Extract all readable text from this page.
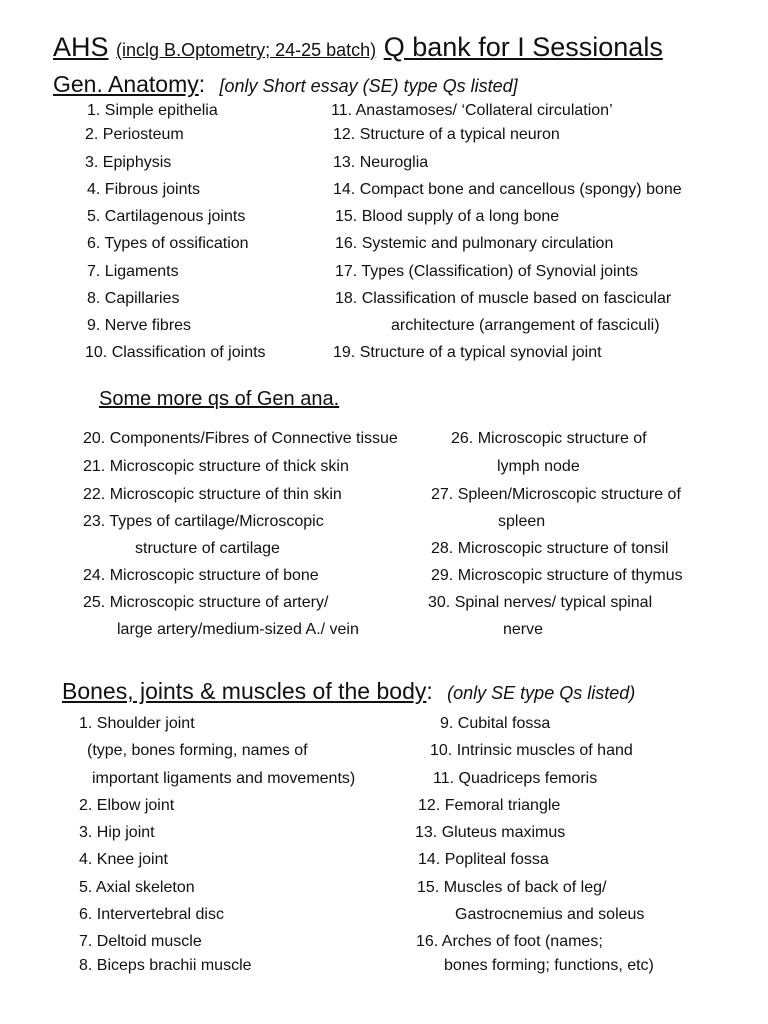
AHS (inclg B.Optometry; 24-25 batch) Q bank for I Sessionals
Gen. Anatomy: [only Short essay (SE) type Qs listed]
1. Simple epithelia
2. Periosteum
3. Epiphysis
4. Fibrous joints
5. Cartilagenous joints
6. Types of ossification
7. Ligaments
8. Capillaries
9. Nerve fibres
10. Classification of joints
11. Anastamoses/ ‘Collateral circulation’
12. Structure of a typical neuron
13. Neuroglia
14. Compact bone and cancellous (spongy) bone
15. Blood supply of a long bone
16. Systemic and pulmonary circulation
17. Types (Classification) of Synovial joints
18. Classification of muscle based on fascicular
architecture (arrangement of fasciculi)
19. Structure of a typical synovial joint
Some more qs of Gen ana.
20. Components/Fibres of Connective tissue
21. Microscopic structure of thick skin
22. Microscopic structure of thin skin
23. Types of cartilage/Microscopic
structure of cartilage
24. Microscopic structure of bone
25. Microscopic structure of artery/
large artery/medium-sized A./ vein
26. Microscopic structure of
lymph node
27. Spleen/Microscopic structure of
spleen
28. Microscopic structure of tonsil
29. Microscopic structure of thymus
30. Spinal nerves/ typical spinal
nerve
Bones, joints & muscles of the body: (only SE type Qs listed)
1. Shoulder joint
(type, bones forming, names of
important ligaments and movements)
2. Elbow joint
3. Hip joint
4. Knee joint
5. Axial skeleton
6. Intervertebral disc
7. Deltoid muscle
8. Biceps brachii muscle
9. Cubital fossa
10. Intrinsic muscles of hand
11. Quadriceps femoris
12. Femoral triangle
13. Gluteus maximus
14. Popliteal fossa
15. Muscles of back of leg/
Gastrocnemius and soleus
16. Arches of foot (names;
bones forming; functions, etc)
